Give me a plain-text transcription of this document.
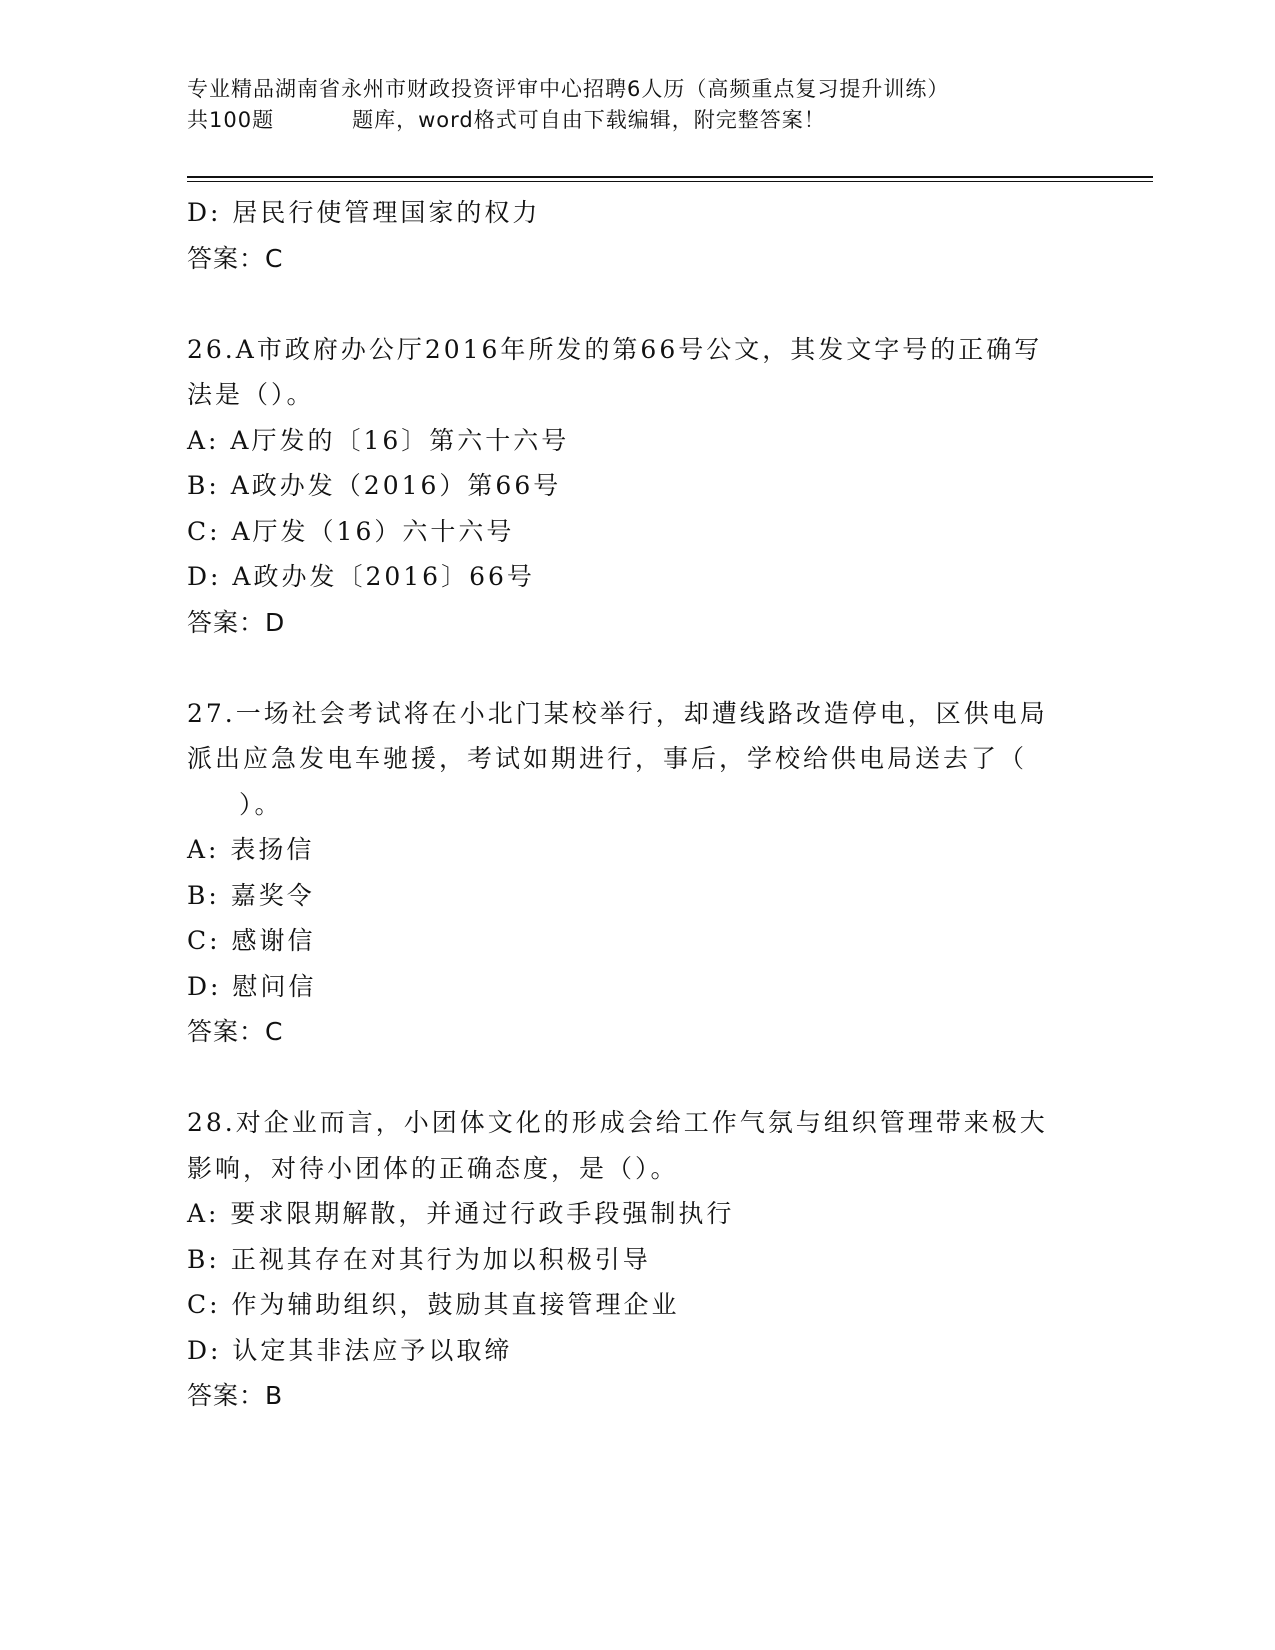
专业精品湖南省永州市财政投资评审中心招聘6人历（高频重点复习提升训练）
共100题	题库，word格式可自由下载编辑，附完整答案！
D: 居民行使管理国家的权力
答案：C
26.A市政府办公厅2016年所发的第66号公文，其发文字号的正确写
法是（）。
A: A厅发的〔16〕第六十六号
B: A政办发（2016）第66号
C: A厅发（16）六十六号
D: A政办发〔2016〕66号
答案：D
27.一场社会考试将在小北门某校举行，却遭线路改造停电，区供电局
派出应急发电车驰援，考试如期进行，事后，学校给供电局送去了（
）。
A: 表扬信
B: 嘉奖令
C: 感谢信
D: 慰问信
答案：C
28.对企业而言，小团体文化的形成会给工作气氛与组织管理带来极大
影响，对待小团体的正确态度，是（）。
A: 要求限期解散，并通过行政手段强制执行
B: 正视其存在对其行为加以积极引导
C: 作为辅助组织，鼓励其直接管理企业
D: 认定其非法应予以取缔
答案：B
